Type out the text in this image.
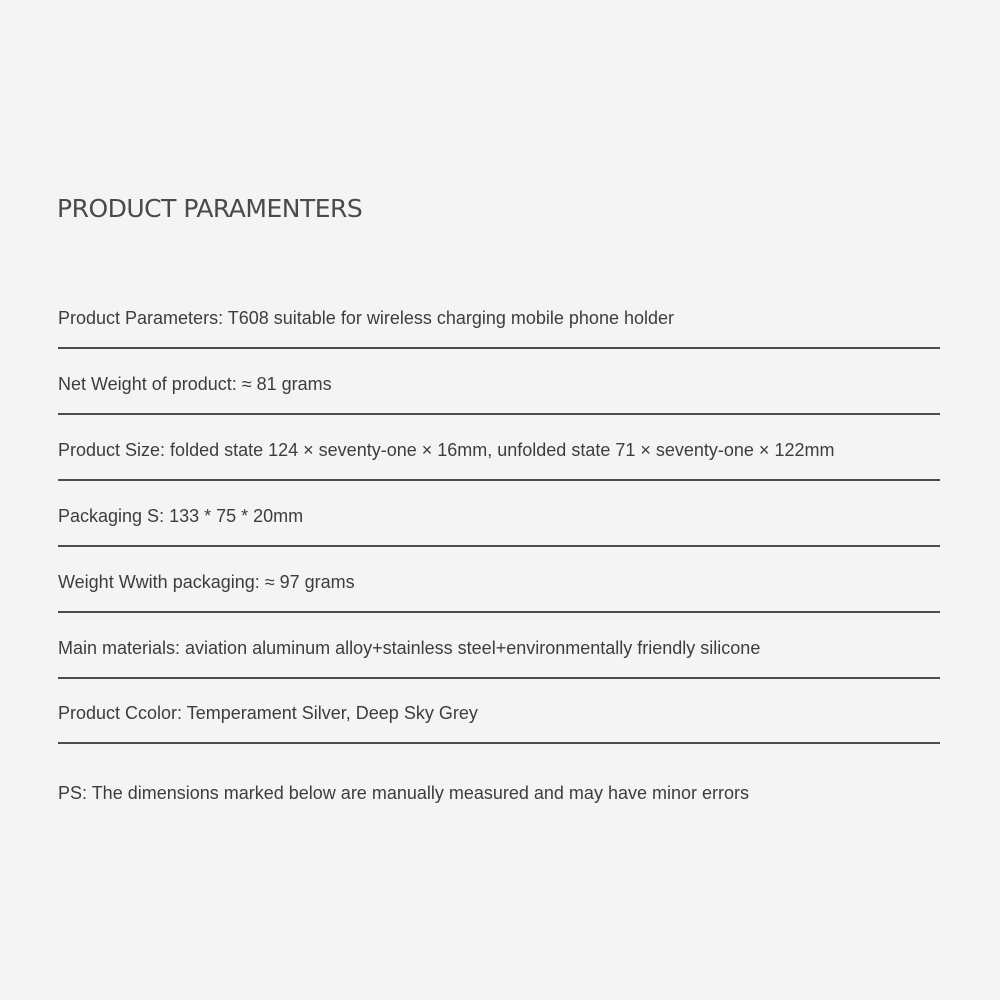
PRODUCT PARAMENTERS
Product Parameters: T608 suitable for wireless charging mobile phone holder
Net Weight of product: ≈ 81 grams
Product Size: folded state 124 × seventy-one × 16mm, unfolded state 71 × seventy-one × 122mm
Packaging S: 133 * 75 * 20mm
Weight Wwith packaging: ≈ 97 grams
Main materials: aviation aluminum alloy+stainless steel+environmentally friendly silicone
Product Ccolor: Temperament Silver, Deep Sky Grey
PS: The dimensions marked below are manually measured and may have minor errors
